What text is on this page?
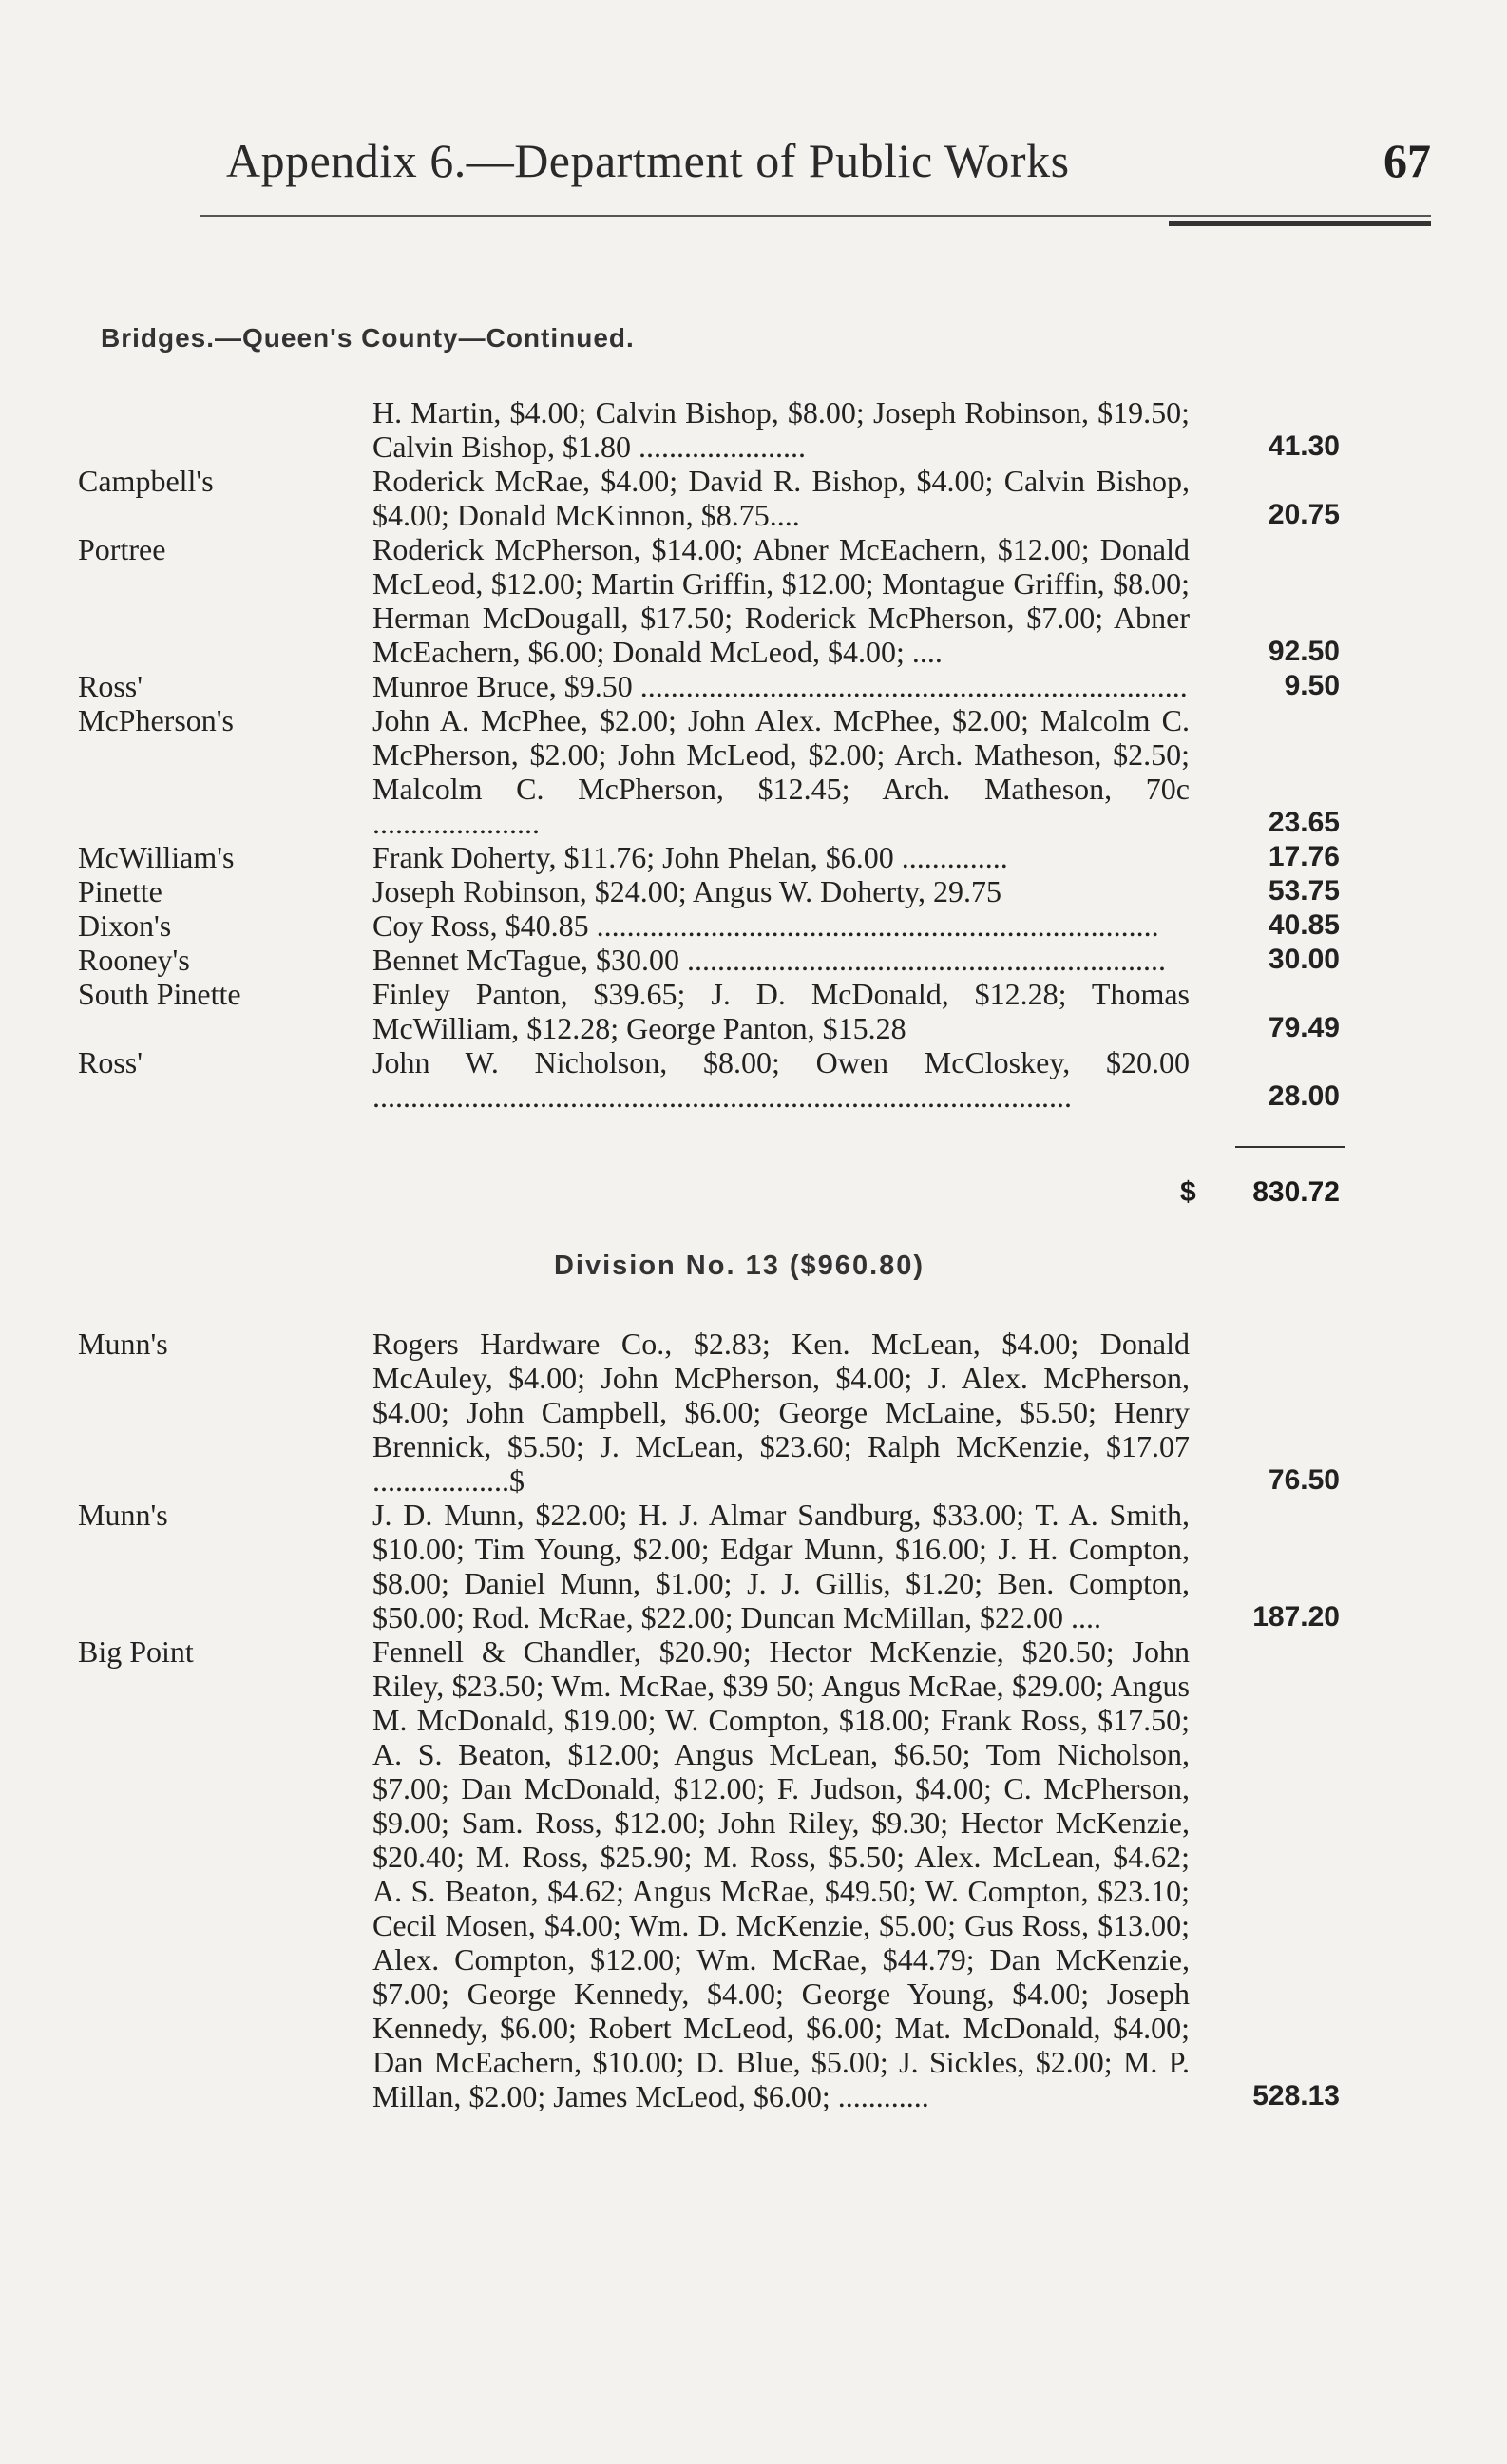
Appendix 6.—Department of Public Works	67
Bridges.—Queen's County—Continued.
H. Martin, $4.00; Calvin Bishop, $8.00; Joseph Robinson, $19.50; Calvin Bishop, $1.80 ......................	41.30
Campbell's	Roderick McRae, $4.00; David R. Bishop, $4.00; Calvin Bishop, $4.00; Donald McKinnon, $8.75....	20.75
Portree	Roderick McPherson, $14.00; Abner McEachern, $12.00; Donald McLeod, $12.00; Martin Griffin, $12.00; Montague Griffin, $8.00; Herman McDougall, $17.50; Roderick McPherson, $7.00; Abner McEachern, $6.00; Donald McLeod, $4.00; ....	92.50
Ross'	Munroe Bruce, $9.50 ........................................................................	9.50
McPherson's	John A. McPhee, $2.00; John Alex. McPhee, $2.00; Malcolm C. McPherson, $2.00; John McLeod, $2.00; Arch. Matheson, $2.50; Malcolm C. McPherson, $12.45; Arch. Matheson, 70c ......................	23.65
McWilliam's	Frank Doherty, $11.76; John Phelan, $6.00 ..............	17.76
Pinette	Joseph Robinson, $24.00; Angus W. Doherty, 29.75	53.75
Dixon's	Coy Ross, $40.85 ..........................................................................	40.85
Rooney's	Bennet McTague, $30.00 ...............................................................	30.00
South Pinette	Finley Panton, $39.65; J. D. McDonald, $12.28; Thomas McWilliam, $12.28; George Panton, $15.28	79.49
Ross'	John W. Nicholson, $8.00; Owen McCloskey, $20.00 ............................................................................................	28.00
$ 830.72
Division No. 13 ($960.80)
Munn's	Rogers Hardware Co., $2.83; Ken. McLean, $4.00; Donald McAuley, $4.00; John McPherson, $4.00; J. Alex. McPherson, $4.00; John Campbell, $6.00; George McLaine, $5.50; Henry Brennick, $5.50; J. McLean, $23.60; Ralph McKenzie, $17.07 ..................$	76.50
Munn's	J. D. Munn, $22.00; H. J. Almar Sandburg, $33.00; T. A. Smith, $10.00; Tim Young, $2.00; Edgar Munn, $16.00; J. H. Compton, $8.00; Daniel Munn, $1.00; J. J. Gillis, $1.20; Ben. Compton, $50.00; Rod. McRae, $22.00; Duncan McMillan, $22.00 ....	187.20
Big Point	Fennell & Chandler, $20.90; Hector McKenzie, $20.50; John Riley, $23.50; Wm. McRae, $39 50; Angus McRae, $29.00; Angus M. McDonald, $19.00; W. Compton, $18.00; Frank Ross, $17.50; A. S. Beaton, $12.00; Angus McLean, $6.50; Tom Nicholson, $7.00; Dan McDonald, $12.00; F. Judson, $4.00; C. McPherson, $9.00; Sam. Ross, $12.00; John Riley, $9.30; Hector McKenzie, $20.40; M. Ross, $25.90; M. Ross, $5.50; Alex. McLean, $4.62; A. S. Beaton, $4.62; Angus McRae, $49.50; W. Compton, $23.10; Cecil Mosen, $4.00; Wm. D. McKenzie, $5.00; Gus Ross, $13.00; Alex. Compton, $12.00; Wm. McRae, $44.79; Dan McKenzie, $7.00; George Kennedy, $4.00; George Young, $4.00; Joseph Kennedy, $6.00; Robert McLeod, $6.00; Mat. McDonald, $4.00; Dan McEachern, $10.00; D. Blue, $5.00; J. Sickles, $2.00; M. P. Millan, $2.00; James McLeod, $6.00; ............	528.13
